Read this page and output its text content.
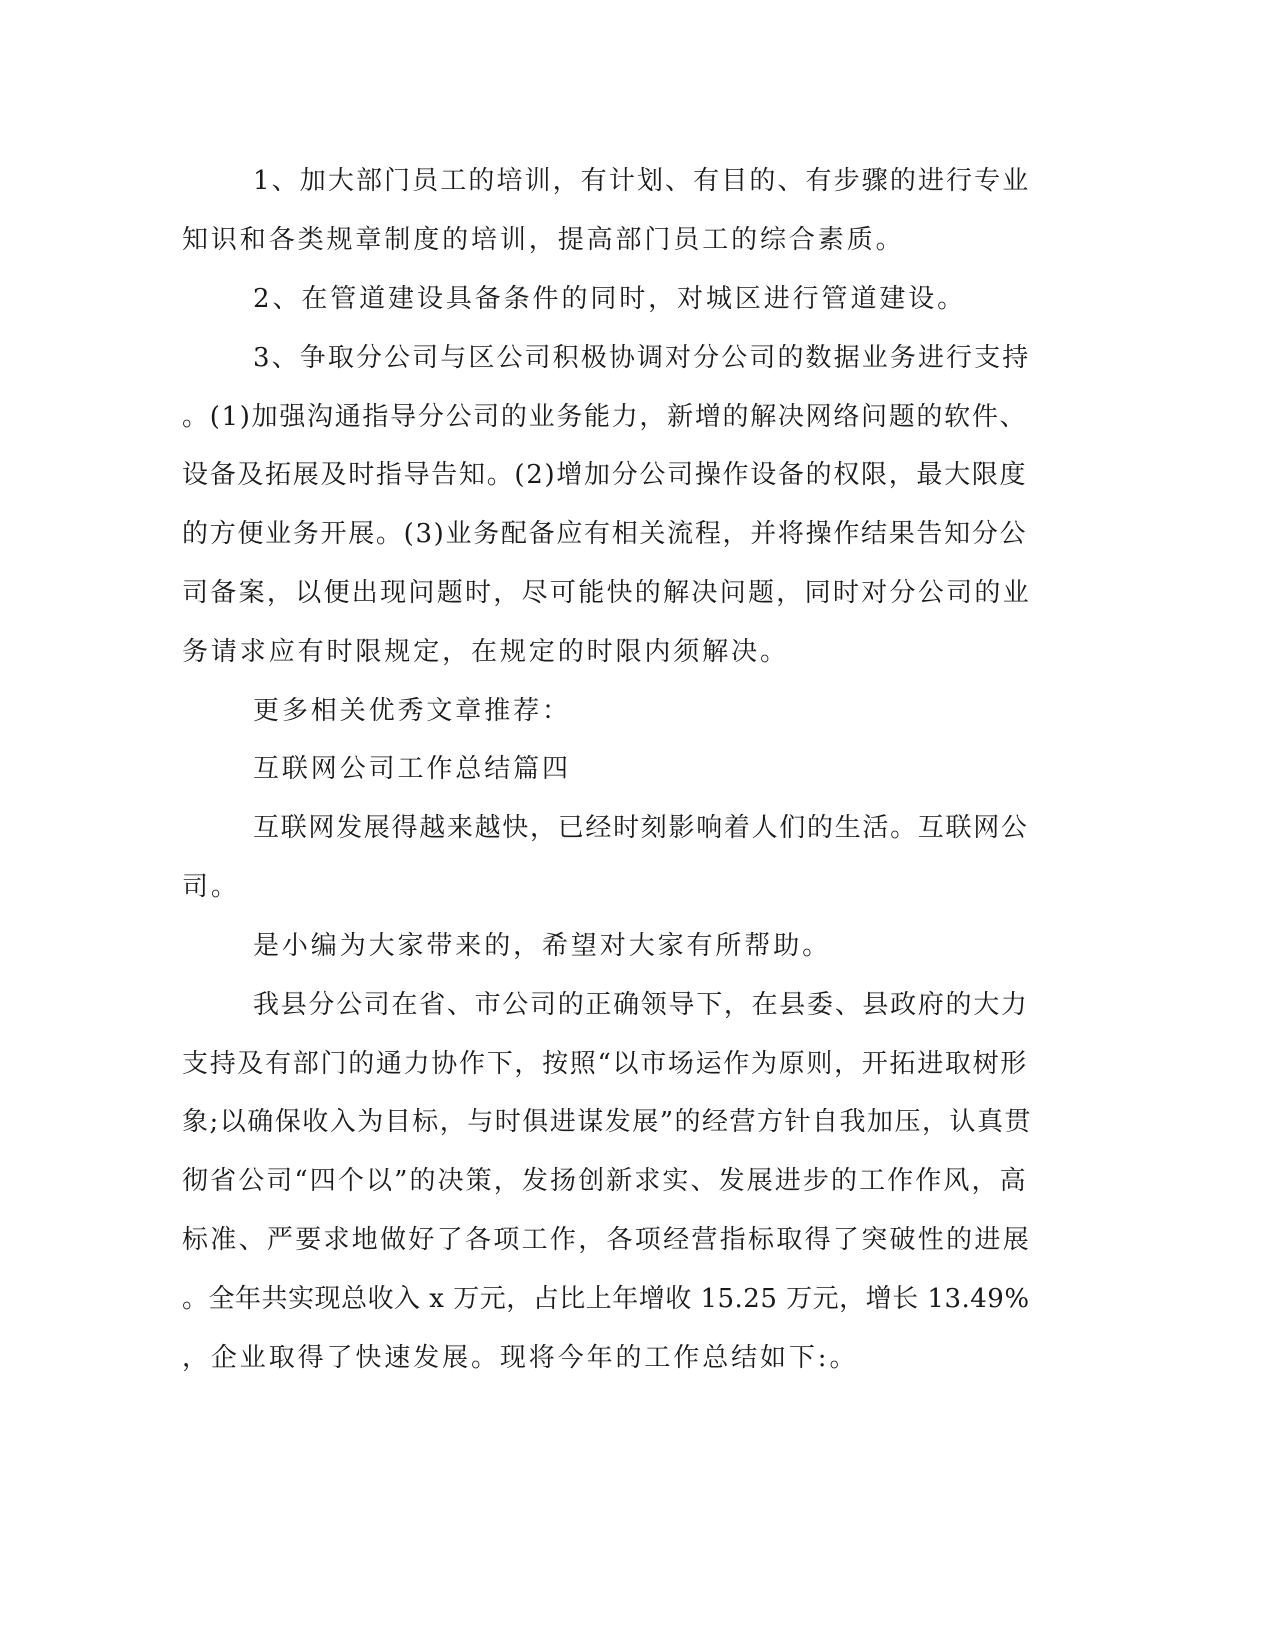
1、加大部门员工的培训，有计划、有目的、有步骤的进行专业
知识和各类规章制度的培训，提高部门员工的综合素质。
2、在管道建设具备条件的同时，对城区进行管道建设。
3、争取分公司与区公司积极协调对分公司的数据业务进行支持
。(1)加强沟通指导分公司的业务能力，新增的解决网络问题的软件、
设备及拓展及时指导告知。(2)增加分公司操作设备的权限，最大限度
的方便业务开展。(3)业务配备应有相关流程，并将操作结果告知分公
司备案，以便出现问题时，尽可能快的解决问题，同时对分公司的业
务请求应有时限规定，在规定的时限内须解决。
更多相关优秀文章推荐：
互联网公司工作总结篇四
互联网发展得越来越快，已经时刻影响着人们的生活。互联网公
司。
是小编为大家带来的，希望对大家有所帮助。
我县分公司在省、市公司的正确领导下，在县委、县政府的大力
支持及有部门的通力协作下，按照“以市场运作为原则，开拓进取树形
象;以确保收入为目标，与时俱进谋发展”的经营方针自我加压，认真贯
彻省公司“四个以”的决策，发扬创新求实、发展进步的工作作风，高
标准、严要求地做好了各项工作，各项经营指标取得了突破性的进展
。全年共实现总收入 x 万元，占比上年增收 15.25 万元，增长 13.49%
，企业取得了快速发展。现将今年的工作总结如下:。
